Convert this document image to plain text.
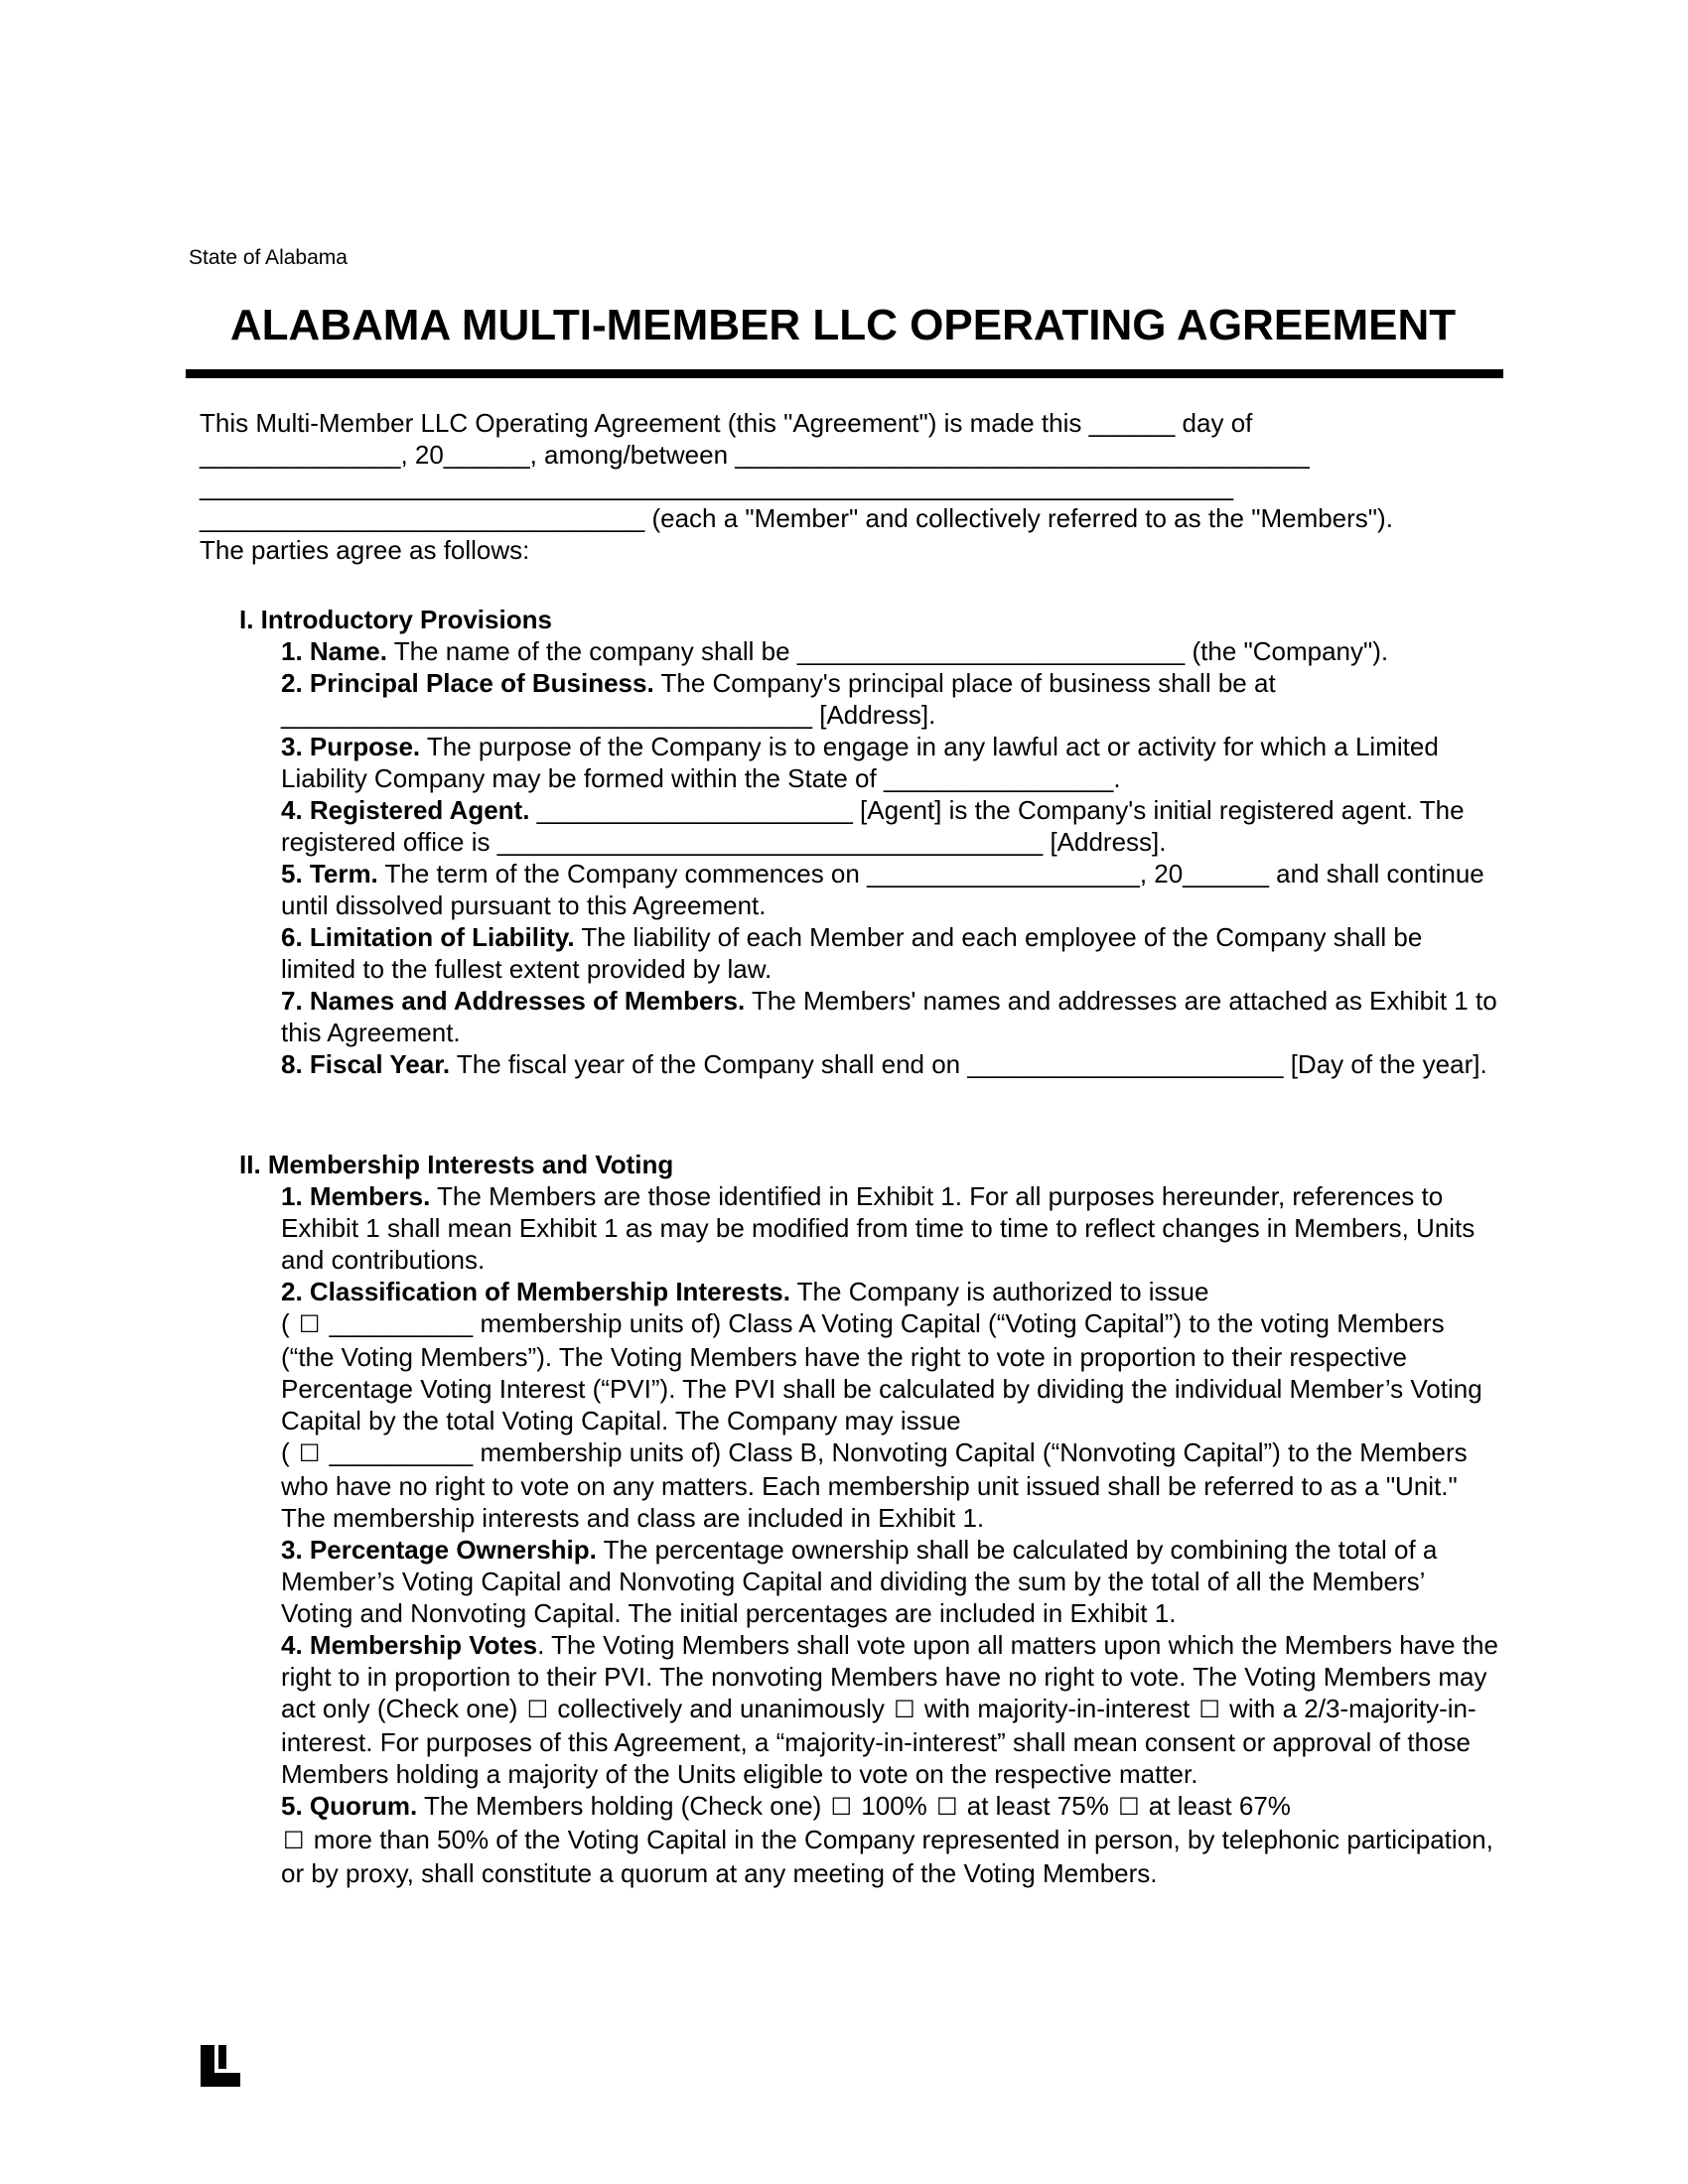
State of Alabama
ALABAMA MULTI-MEMBER LLC OPERATING AGREEMENT

This Multi-Member LLC Operating Agreement (this "Agreement") is made this ______ day of

______________, 20______, among/between ________________________________________

________________________________________________________________________

_______________________________ (each a "Member" and collectively referred to as the "Members").

The parties agree as follows:

I. Introductory Provisions

1. Name. The name of the company shall be ___________________________ (the "Company").

2. Principal Place of Business. The Company's principal place of business shall be at _____________________________________ [Address].

3. Purpose. The purpose of the Company is to engage in any lawful act or activity for which a Limited Liability Company may be formed within the State of ________________.

4. Registered Agent. ______________________ [Agent] is the Company's initial registered agent. The registered office is ______________________________________ [Address].

5. Term. The term of the Company commences on ___________________, 20______ and shall continue until dissolved pursuant to this Agreement.

6. Limitation of Liability. The liability of each Member and each employee of the Company shall be limited to the fullest extent provided by law.

7. Names and Addresses of Members. The Members' names and addresses are attached as Exhibit 1 to this Agreement.

8. Fiscal Year. The fiscal year of the Company shall end on ______________________ [Day of the year].

II. Membership Interests and Voting

1. Members. The Members are those identified in Exhibit 1. For all purposes hereunder, references to Exhibit 1 shall mean Exhibit 1 as may be modified from time to time to reflect changes in Members, Units and contributions.

2. Classification of Membership Interests. The Company is authorized to issue
( ☐ __________ membership units of) Class A Voting Capital (“Voting Capital”) to the voting Members (“the Voting Members”). The Voting Members have the right to vote in proportion to their respective Percentage Voting Interest (“PVI”). The PVI shall be calculated by dividing the individual Member’s Voting Capital by the total Voting Capital. The Company may issue
( ☐ __________ membership units of) Class B, Nonvoting Capital (“Nonvoting Capital”) to the Members who have no right to vote on any matters. Each membership unit issued shall be referred to as a "Unit." The membership interests and class are included in Exhibit 1.

3. Percentage Ownership. The percentage ownership shall be calculated by combining the total of a Member’s Voting Capital and Nonvoting Capital and dividing the sum by the total of all the Members’ Voting and Nonvoting Capital. The initial percentages are included in Exhibit 1.

4. Membership Votes. The Voting Members shall vote upon all matters upon which the Members have the right to in proportion to their PVI. The nonvoting Members have no right to vote. The Voting Members may act only (Check one) ☐ collectively and unanimously ☐ with majority-in-interest ☐ with a 2/3-majority-in-interest. For purposes of this Agreement, a “majority-in-interest” shall mean consent or approval of those Members holding a majority of the Units eligible to vote on the respective matter.

5. Quorum. The Members holding (Check one) ☐ 100% ☐ at least 75% ☐ at least 67%
☐ more than 50% of the Voting Capital in the Company represented in person, by telephonic participation, or by proxy, shall constitute a quorum at any meeting of the Voting Members.
